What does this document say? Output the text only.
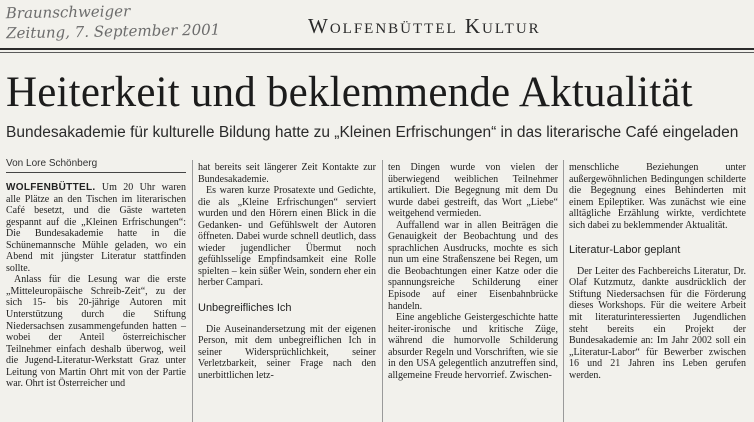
Braunschweiger
Zeitung, 7. September 2001	Wolfenbüttel Kultur
Heiterkeit und beklemmende Aktualität
Bundesakademie für kulturelle Bildung hatte zu „Kleinen Erfrischungen“ in das literarische Café eingeladen
Von Lore Schönberg

WOLFENBÜTTEL. Um 20 Uhr waren alle Plätze an den Tischen im literarischen Café besetzt, und die Gäste warteten gespannt auf die „Kleinen Erfrischungen“: Die Bundesakademie hatte in die Schünemannsche Mühle geladen, wo ein Abend mit jüngster Literatur stattfinden sollte.

Anlass für die Lesung war die erste „Mitteleuropäische Schreib-Zeit“, zu der sich 15- bis 20-jährige Autoren mit Unterstützung durch die Stiftung Niedersachsen zusammengefunden hatten – wobei der Anteil österreichischer Teilnehmer einfach deshalb überwog, weil die Jugend-Literatur-Werkstatt Graz unter Leitung von Martin Ohrt mit von der Partie war. Ohrt ist Österreicher und

hat bereits seit längerer Zeit Kontakte zur Bundesakademie.

Es waren kurze Prosatexte und Gedichte, die als „Kleine Erfrischungen“ serviert wurden und den Hörern einen Blick in die Gedanken- und Gefühlswelt der Autoren öffneten. Dabei wurde schnell deutlich, dass wieder jugendlicher Übermut noch gefühlsselige Empfindsamkeit eine Rolle spielten – kein süßer Wein, sondern eher ein herber Campari.

Unbegreifliches Ich

Die Auseinandersetzung mit der eigenen Person, mit dem unbegreiflichen Ich in seiner Widersprüchlichkeit, seiner Verletzbarkeit, seiner Frage nach den unerbittlichen letz-

ten Dingen wurde von vielen der überwiegend weiblichen Teilnehmer artikuliert. Die Begegnung mit dem Du wurde dabei gestreift, das Wort „Liebe“ weitgehend vermieden.

Auffallend war in allen Beiträgen die Genauigkeit der Beobachtung und des sprachlichen Ausdrucks, mochte es sich nun um eine Straßenszene bei Regen, um die Beobachtungen einer Katze oder die spannungsreiche Schilderung einer Episode auf einer Eisenbahnbrücke handeln.

Eine angebliche Geistergeschichte hatte heiter-ironische und kritische Züge, während die humorvolle Schilderung absurder Regeln und Vorschriften, wie sie in den USA gelegentlich anzutreffen sind, allgemeine Freude hervorrief. Zwischen-

menschliche Beziehungen unter außergewöhnlichen Bedingungen schilderte die Begegnung eines Behinderten mit einem Epileptiker. Was zunächst wie eine alltägliche Erzählung wirkte, verdichtete sich dabei zu beklemmender Aktualität.

Literatur-Labor geplant

Der Leiter des Fachbereichs Literatur, Dr. Olaf Kutzmutz, dankte ausdrücklich der Stiftung Niedersachsen für die Förderung dieses Workshops. Für die weitere Arbeit mit literaturinteressierten Jugendlichen steht bereits ein Projekt der Bundesakademie an: Im Jahr 2002 soll ein „Literatur-Labor“ für Bewerber zwischen 16 und 21 Jahren ins Leben gerufen werden.
